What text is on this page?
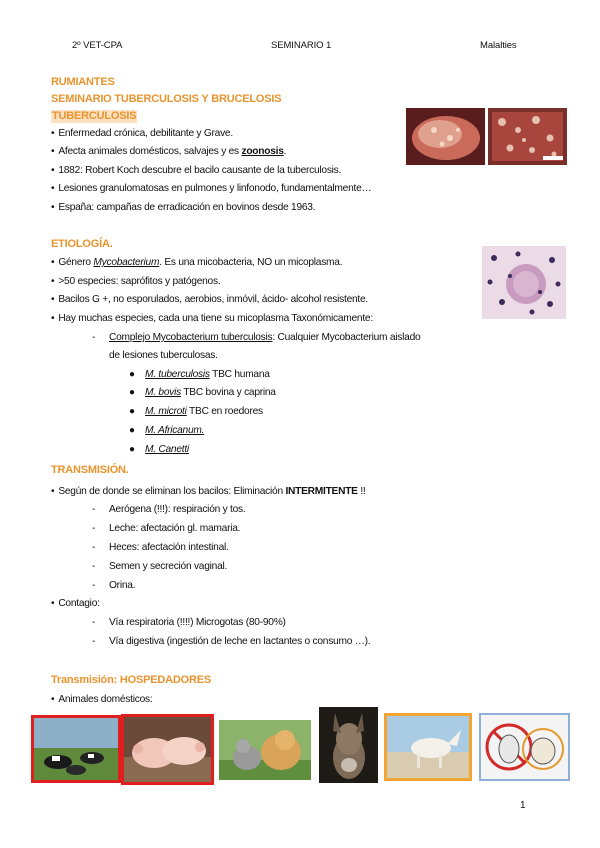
2º VET-CPA	SEMINARIO 1	Malalties
RUMIANTES
SEMINARIO TUBERCULOSIS Y BRUCELOSIS
TUBERCULOSIS
• Enfermedad crónica, debilitante y Grave.
• Afecta animales domésticos, salvajes y es zoonosis.
• 1882: Robert Koch descubre el bacilo causante de la tuberculosis.
• Lesiones granulomatosas en pulmones y linfonodo, fundamentalmente…
• España: campañas de erradicación en bovinos desde 1963.
ETIOLOGÍA.
• Género Mycobacterium. Es una micobacteria, NO un micoplasma.
• >50 especies: saprófitos y patógenos.
• Bacilos G +, no esporulados, aerobios, inmóvil, ácido- alcohol resistente.
• Hay muchas especies, cada una tiene su micoplasma Taxonómicamente:
- Complejo Mycobacterium tuberculosis: Cualquier Mycobacterium aislado
de lesiones tuberculosas.
● M. tuberculosis TBC humana
● M. bovis TBC bovina y caprina
● M. microti TBC en roedores
● M. Africanum.
● M. Canetti
TRANSMISIÓN.
• Según de donde se eliminan los bacilos: Eliminación INTERMITENTE !!
- Aerógena (!!!): respiración y tos.
- Leche: afectación gl. mamaria.
- Heces: afectación intestinal.
- Semen y secreción vaginal.
- Orina.
• Contagio:
- Vía respiratoria (!!!!) Microgotas (80-90%)
- Vía digestiva (ingestión de leche en lactantes o consumo …).
Transmisión: HOSPEDADORES
• Animales domésticos:
1
